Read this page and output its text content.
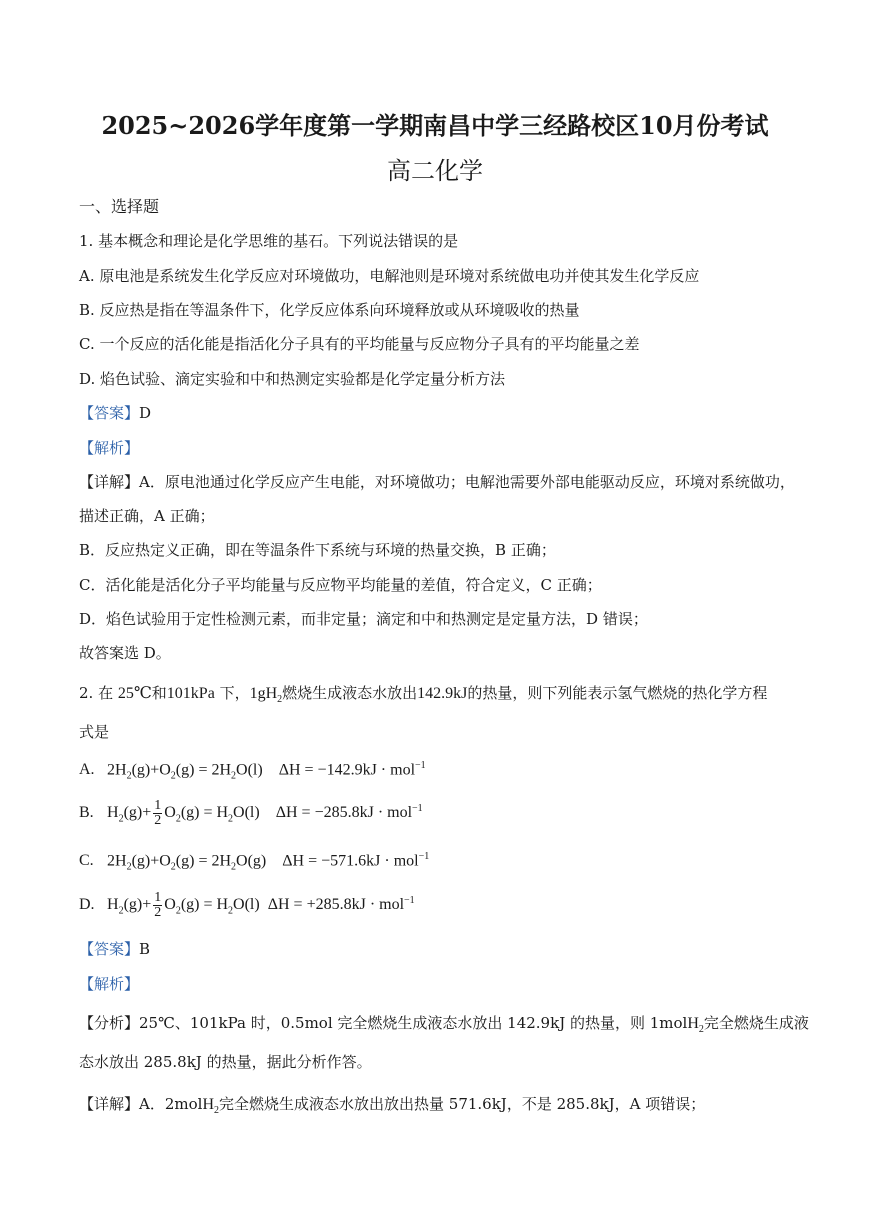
2025~2026学年度第一学期南昌中学三经路校区10月份考试
高二化学
一、选择题
1. 基本概念和理论是化学思维的基石。下列说法错误的是
A. 原电池是系统发生化学反应对环境做功，电解池则是环境对系统做电功并使其发生化学反应
B. 反应热是指在等温条件下，化学反应体系向环境释放或从环境吸收的热量
C. 一个反应的活化能是指活化分子具有的平均能量与反应物分子具有的平均能量之差
D. 焰色试验、滴定实验和中和热测定实验都是化学定量分析方法
【答案】D
【解析】
【详解】A．原电池通过化学反应产生电能，对环境做功；电解池需要外部电能驱动反应，环境对系统做功，
描述正确，A 正确；
B．反应热定义正确，即在等温条件下系统与环境的热量交换，B 正确；
C．活化能是活化分子平均能量与反应物平均能量的差值，符合定义，C 正确；
D．焰色试验用于定性检测元素，而非定量；滴定和中和热测定是定量方法，D 错误；
故答案选 D。
2. 在 25℃和101kPa 下，$1gH_2$燃烧生成液态水放出142.9kJ的热量，则下列能表示氢气燃烧的热化学方程
式是
A. $2H_2(g)+O_2(g) = 2H_2O(l) \Delta H = -142.9kJ \cdot mol^{-1}$
B. $H_2(g)+ \frac{1}{2} O_2(g) = H_2O(l) \Delta H = -285.8kJ \cdot mol^{-1}$
C. $2H_2(g)+O_2(g) = 2H_2O(g) \Delta H = -571.6kJ \cdot mol^{-1}$
D. $H_2(g)+ \frac{1}{2} O_2(g) = H_2O(l) \Delta H = +285.8kJ \cdot mol^{-1}$
【答案】B
【解析】
【分析】25℃、101kPa 时，0.5mol 完全燃烧生成液态水放出 142.9kJ 的热量，则 1molH$_2$完全燃烧生成液
态水放出 285.8kJ 的热量，据此分析作答。
【详解】A．2molH$_2$完全燃烧生成液态水放出放出热量 571.6kJ，不是 285.8kJ，A 项错误；
